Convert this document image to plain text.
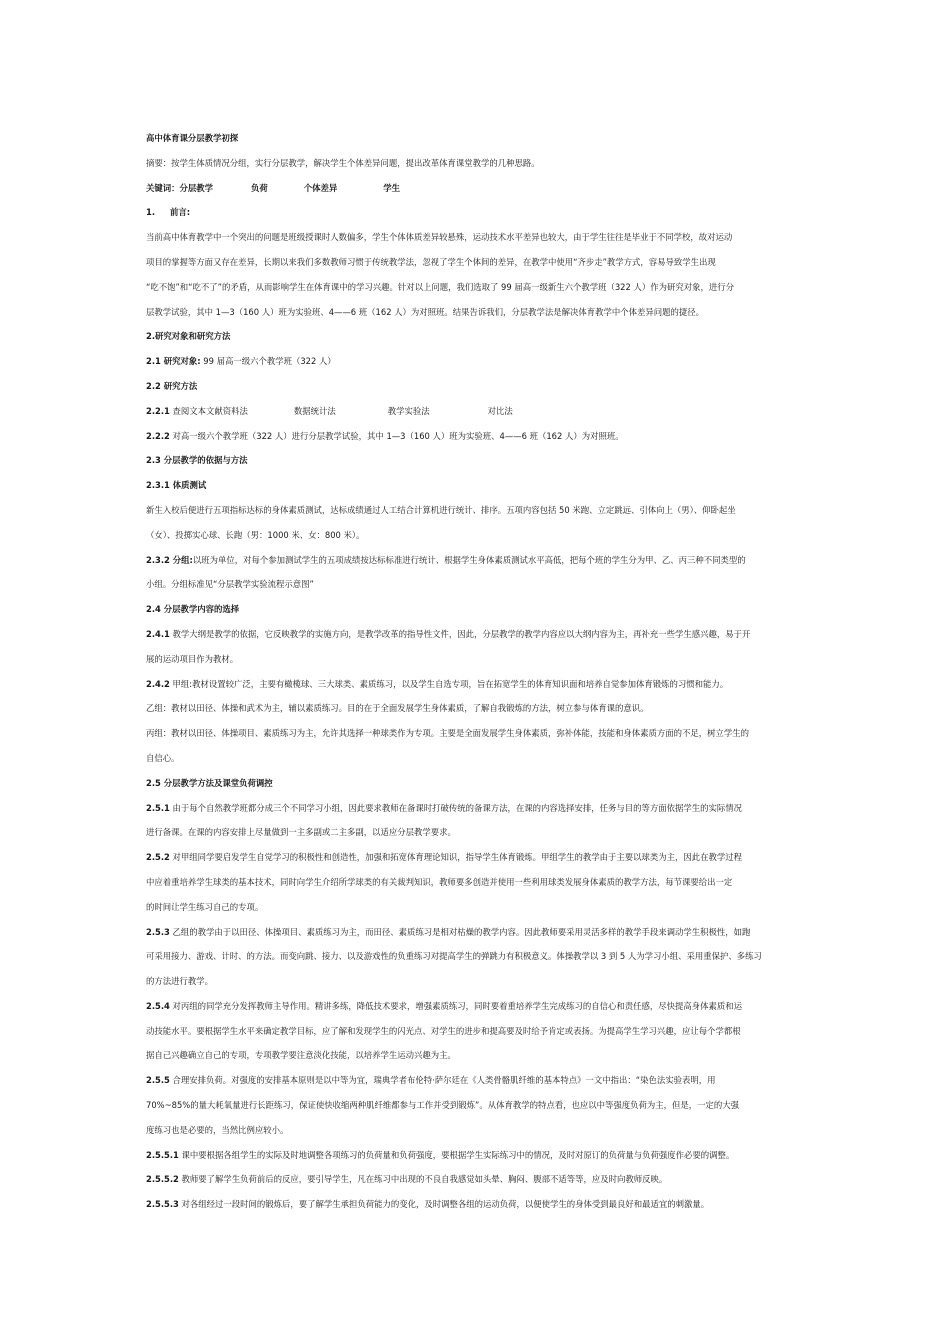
高中体育课分层教学初探

摘要：按学生体质情况分组，实行分层教学，解决学生个体差异问题，提出改革体育课堂教学的几种思路。

关键词：分层教学	负荷	个体差异	学生

1. 前言:

当前高中体育教学中一个突出的问题是班级授课时人数偏多，学生个体体质差异较悬殊，运动技术水平差异也较大，由于学生往往是毕业于不同学校，故对运动

项目的掌握等方面又存在差异，长期以来我们多数教师习惯于传统教学法，忽视了学生个体间的差异，在教学中使用“齐步走”教学方式，容易导致学生出现

“吃不饱”和“吃不了”的矛盾，从而影响学生在体育课中的学习兴趣。针对以上问题，我们选取了 99 届高一级新生六个教学班（322 人）作为研究对象，进行分

层教学试验，其中 1—3（160 人）班为实验班、4——6 班（162 人）为对照班。结果告诉我们，分层教学法是解决体育教学中个体差异问题的捷径。

2.研究对象和研究方法

2.1 研究对象: 99 届高一级六个教学班（322 人）

2.2 研究方法

2.2.1 查阅文本文献资料法	数据统计法	教学实验法	对比法

2.2.2 对高一级六个教学班（322 人）进行分层教学试验，其中 1—3（160 人）班为实验班、4——6 班（162 人）为对照班。

2.3 分层教学的依据与方法

2.3.1 体质测试

新生入校后便进行五项指标达标的身体素质测试，达标成绩通过人工结合计算机进行统计、排序。五项内容包括 50 米跑、立定跳远、引体向上（男）、仰卧起坐

（女）、投掷实心球、长跑（男：1000 米、女：800 米）。

2.3.2 分组:以班为单位，对每个参加测试学生的五项成绩按达标标准进行统计、根据学生身体素质测试水平高低，把每个班的学生分为甲、乙、丙三种不同类型的

小组。分组标准见“分层教学实验流程示意图”

2.4 分层教学内容的选择

2.4.1 教学大纲是教学的依据，它反映教学的实施方向，是教学改革的指导性文件，因此，分层教学的教学内容应以大纲内容为主，再补充一些学生感兴趣，易于开

展的运动项目作为教材。

2.4.2 甲组:教材设置较广泛，主要有橄榄球、三大球类、素质练习，以及学生自选专项，旨在拓宽学生的体育知识面和培养自觉参加体育锻炼的习惯和能力。

乙组：教材以田径、体操和武术为主，辅以素质练习。目的在于全面发展学生身体素质，了解自我锻炼的方法，树立参与体育课的意识。

丙组：教材以田径、体操项目、素质练习为主，允许其选择一种球类作为专项。主要是全面发展学生身体素质，弥补体能，技能和身体素质方面的不足，树立学生的

自信心。

2.5 分层教学方法及课堂负荷调控

2.5.1 由于每个自然教学班都分成三个不同学习小组，因此要求教师在备课时打破传统的备课方法，在课的内容选择安排，任务与目的等方面依据学生的实际情况

进行备课。在课的内容安排上尽量做到一主多副或二主多副，以适应分层教学要求。

2.5.2 对甲组同学要启发学生自觉学习的积极性和创造性，加强和拓宽体育理论知识，指导学生体育锻炼。甲组学生的教学由于主要以球类为主，因此在教学过程

中应着重培养学生球类的基本技术，同时向学生介绍所学球类的有关裁判知识，教师要多创造并使用一些利用球类发展身体素质的教学方法，每节课要给出一定

的时间让学生练习自己的专项。

2.5.3 乙组的教学由于以田径、体操项目、素质练习为主，而田径、素质练习是相对枯燥的教学内容。因此教师要采用灵活多样的教学手段来调动学生积极性，如跑

可采用接力、游戏、计时、的方法。而变向跳、接力、以及游戏性的负重练习对提高学生的弹跳力有积极意义。体操教学以 3 到 5 人为学习小组、采用重保护、多练习

的方法进行教学。

2.5.4 对丙组的同学充分发挥教师主导作用。精讲多练，降低技术要求，增强素质练习，同时要着重培养学生完成练习的自信心和责任感，尽快提高身体素质和运

动技能水平。要根据学生水平来确定教学目标，应了解和发现学生的闪光点、对学生的进步和提高要及时给予肯定或表扬。为提高学生学习兴趣，应让每个学都根

据自己兴趣确立自己的专项，专项教学要注意淡化技能，以培养学生运动兴趣为主。

2.5.5 合理安排负荷。对强度的安排基本原则是以中等为宜，瑞典学者布伦特·萨尔廷在《人类骨骼肌纤维的基本特点》一文中指出：“染色法实验表明，用

70%~85%的量大耗氧量进行长距练习，保证使快收缩两种肌纤维都参与工作并受到锻炼”。从体育教学的特点看，也应以中等强度负荷为主，但是，一定的大强

度练习也是必要的，当然比例应较小。

2.5.5.1 课中要根据各组学生的实际及时地调整各项练习的负荷量和负荷强度，要根据学生实际练习中的情况，及时对原订的负荷量与负荷强度作必要的调整。

2.5.5.2 教师要了解学生负荷前后的反应，要引导学生，凡在练习中出现的不良自我感觉如头晕、胸闷、腹部不适等等，应及时向教师反映。

2.5.5.3 对各组经过一段时间的锻炼后，要了解学生承担负荷能力的变化，及时调整各组的运动负荷，以便使学生的身体受到最良好和最适宜的刺激量。
